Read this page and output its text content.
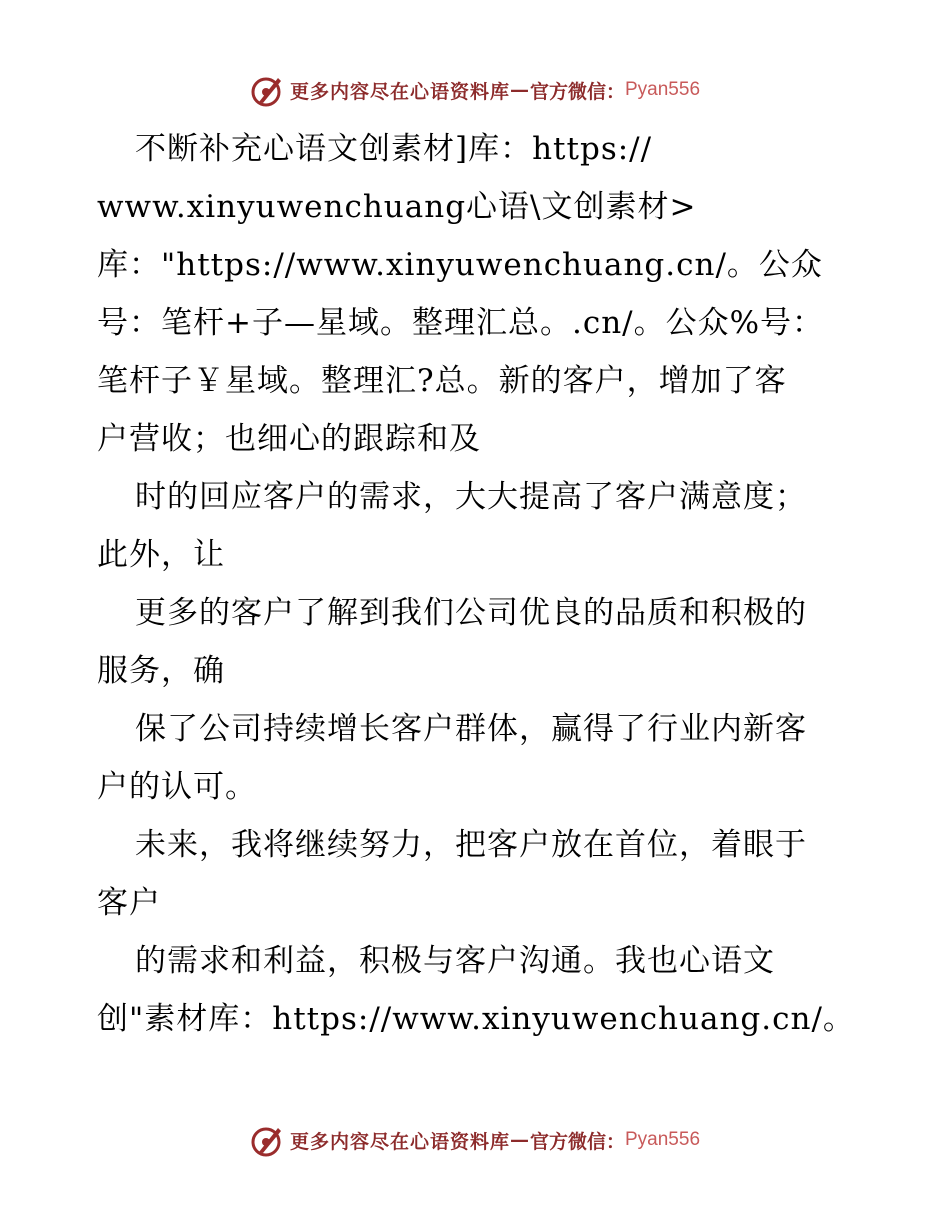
更多内容尽在心语资料库 — 官方微信： Pyan556
不断补充心语文创素材]库：https://
www.xinyuwenchuang心语\文创素材>
库："https://www.xinyuwenchuang.cn/。公众
号：笔杆+子—星域。整理汇总。.cn/。公众%号：
笔杆子￥星域。整理汇?总。新的客户，增加了客
户营收；也细心的跟踪和及
时的回应客户的需求，大大提高了客户满意度；
此外，让
更多的客户了解到我们公司优良的品质和积极的
服务，确
保了公司持续增长客户群体，赢得了行业内新客
户的认可。
未来，我将继续努力，把客户放在首位，着眼于
客户
的需求和利益，积极与客户沟通。我也心语文
创"素材库：https://www.xinyuwenchuang.cn/。
更多内容尽在心语资料库 — 官方微信： Pyan556
